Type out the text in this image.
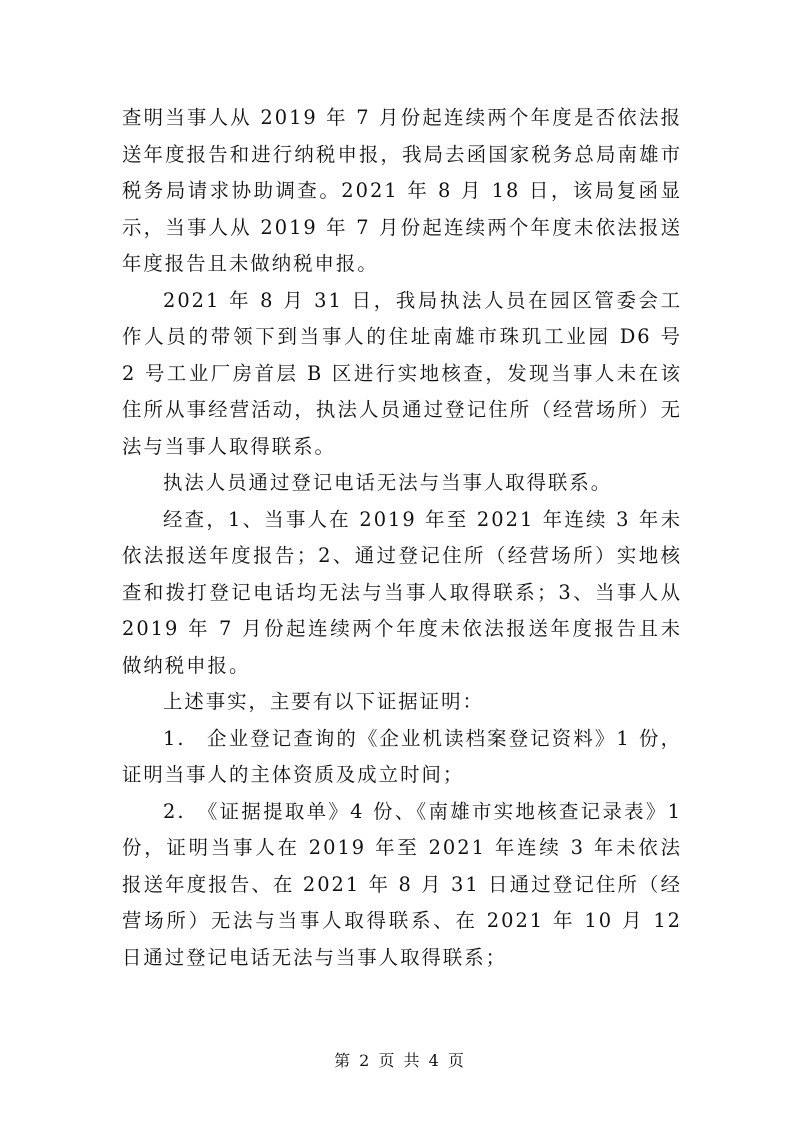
查明当事人从 2019 年 7 月份起连续两个年度是否依法报送年度报告和进行纳税申报，我局去函国家税务总局南雄市税务局请求协助调查。2021 年 8 月 18 日，该局复函显示，当事人从 2019 年 7 月份起连续两个年度未依法报送年度报告且未做纳税申报。

2021 年 8 月 31 日，我局执法人员在园区管委会工作人员的带领下到当事人的住址南雄市珠玑工业园 D6 号 2 号工业厂房首层 B 区进行实地核查，发现当事人未在该住所从事经营活动，执法人员通过登记住所（经营场所）无法与当事人取得联系。

执法人员通过登记电话无法与当事人取得联系。

经查，1、当事人在 2019 年至 2021 年连续 3 年未依法报送年度报告；2、通过登记住所（经营场所）实地核查和拨打登记电话均无法与当事人取得联系；3、当事人从 2019 年 7 月份起连续两个年度未依法报送年度报告且未做纳税申报。

上述事实，主要有以下证据证明：

1.　企业登记查询的《企业机读档案登记资料》1 份，证明当事人的主体资质及成立时间；

2.　《证据提取单》4 份、《南雄市实地核查记录表》1 份，证明当事人在 2019 年至 2021 年连续 3 年未依法报送年度报告、在 2021 年 8 月 31 日通过登记住所（经营场所）无法与当事人取得联系、在 2021 年 10 月 12 日通过登记电话无法与当事人取得联系；

第 2 页 共 4 页
